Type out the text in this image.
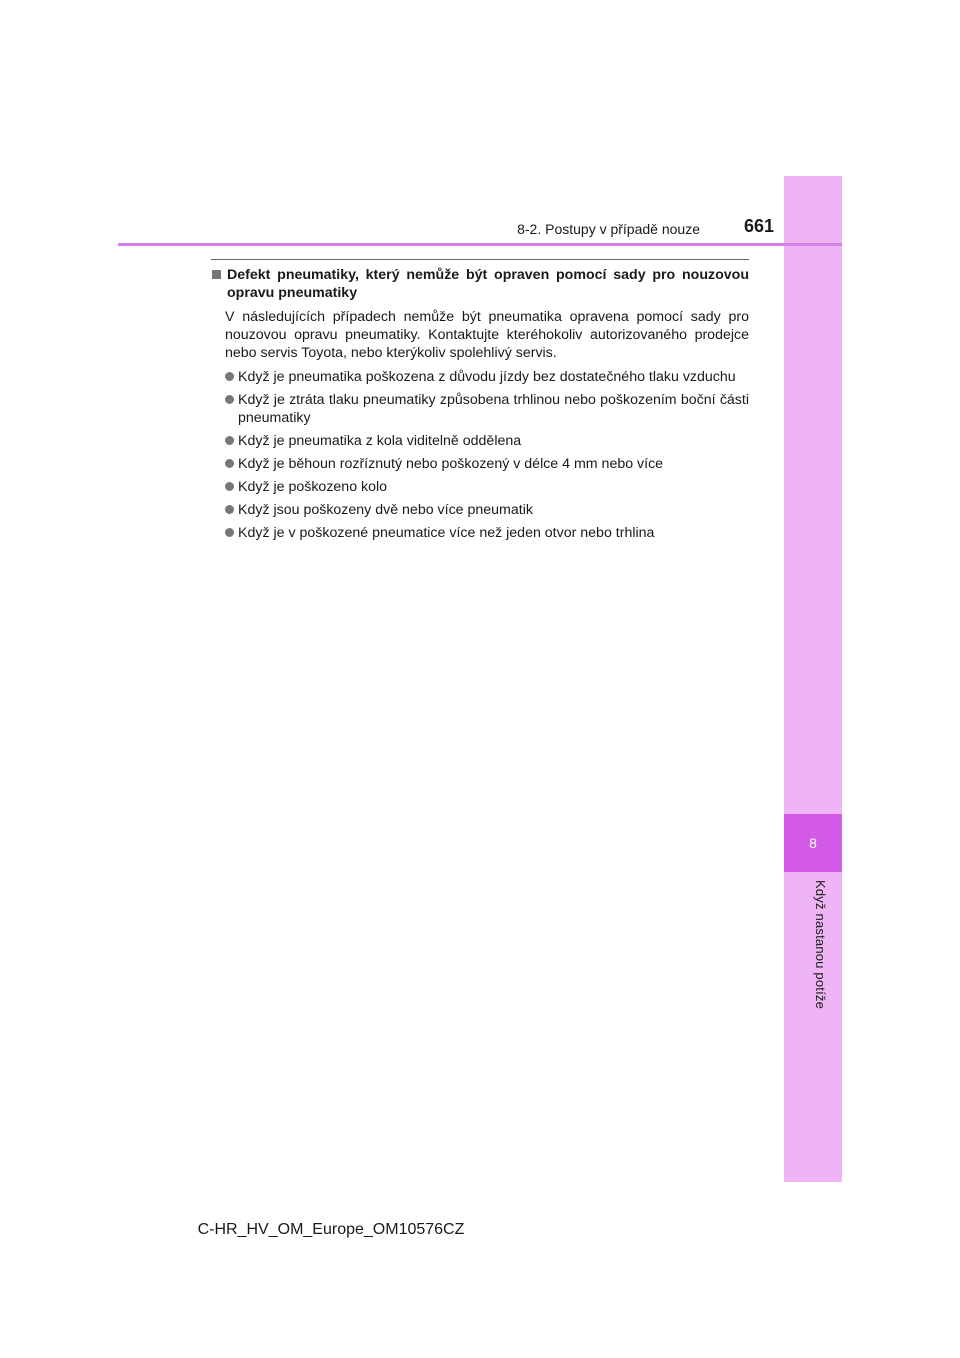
8
Když nastanou potíže
8-2. Postupy v případě nouze	661
Defekt pneumatiky, který nemůže být opraven pomocí sady pro nouzovou opravu pneumatiky

V následujících případech nemůže být pneumatika opravena pomocí sady pro nouzovou opravu pneumatiky. Kontaktujte kteréhokoliv autorizovaného prodejce nebo servis Toyota, nebo kterýkoliv spolehlivý servis.

Když je pneumatika poškozena z důvodu jízdy bez dostatečného tlaku vzduchu
Když je ztráta tlaku pneumatiky způsobena trhlinou nebo poškozením boční části pneumatiky
Když je pneumatika z kola viditelně oddělena
Když je běhoun rozříznutý nebo poškozený v délce 4 mm nebo více
Když je poškozeno kolo
Když jsou poškozeny dvě nebo více pneumatik
Když je v poškozené pneumatice více než jeden otvor nebo trhlina
C-HR_HV_OM_Europe_OM10576CZ
